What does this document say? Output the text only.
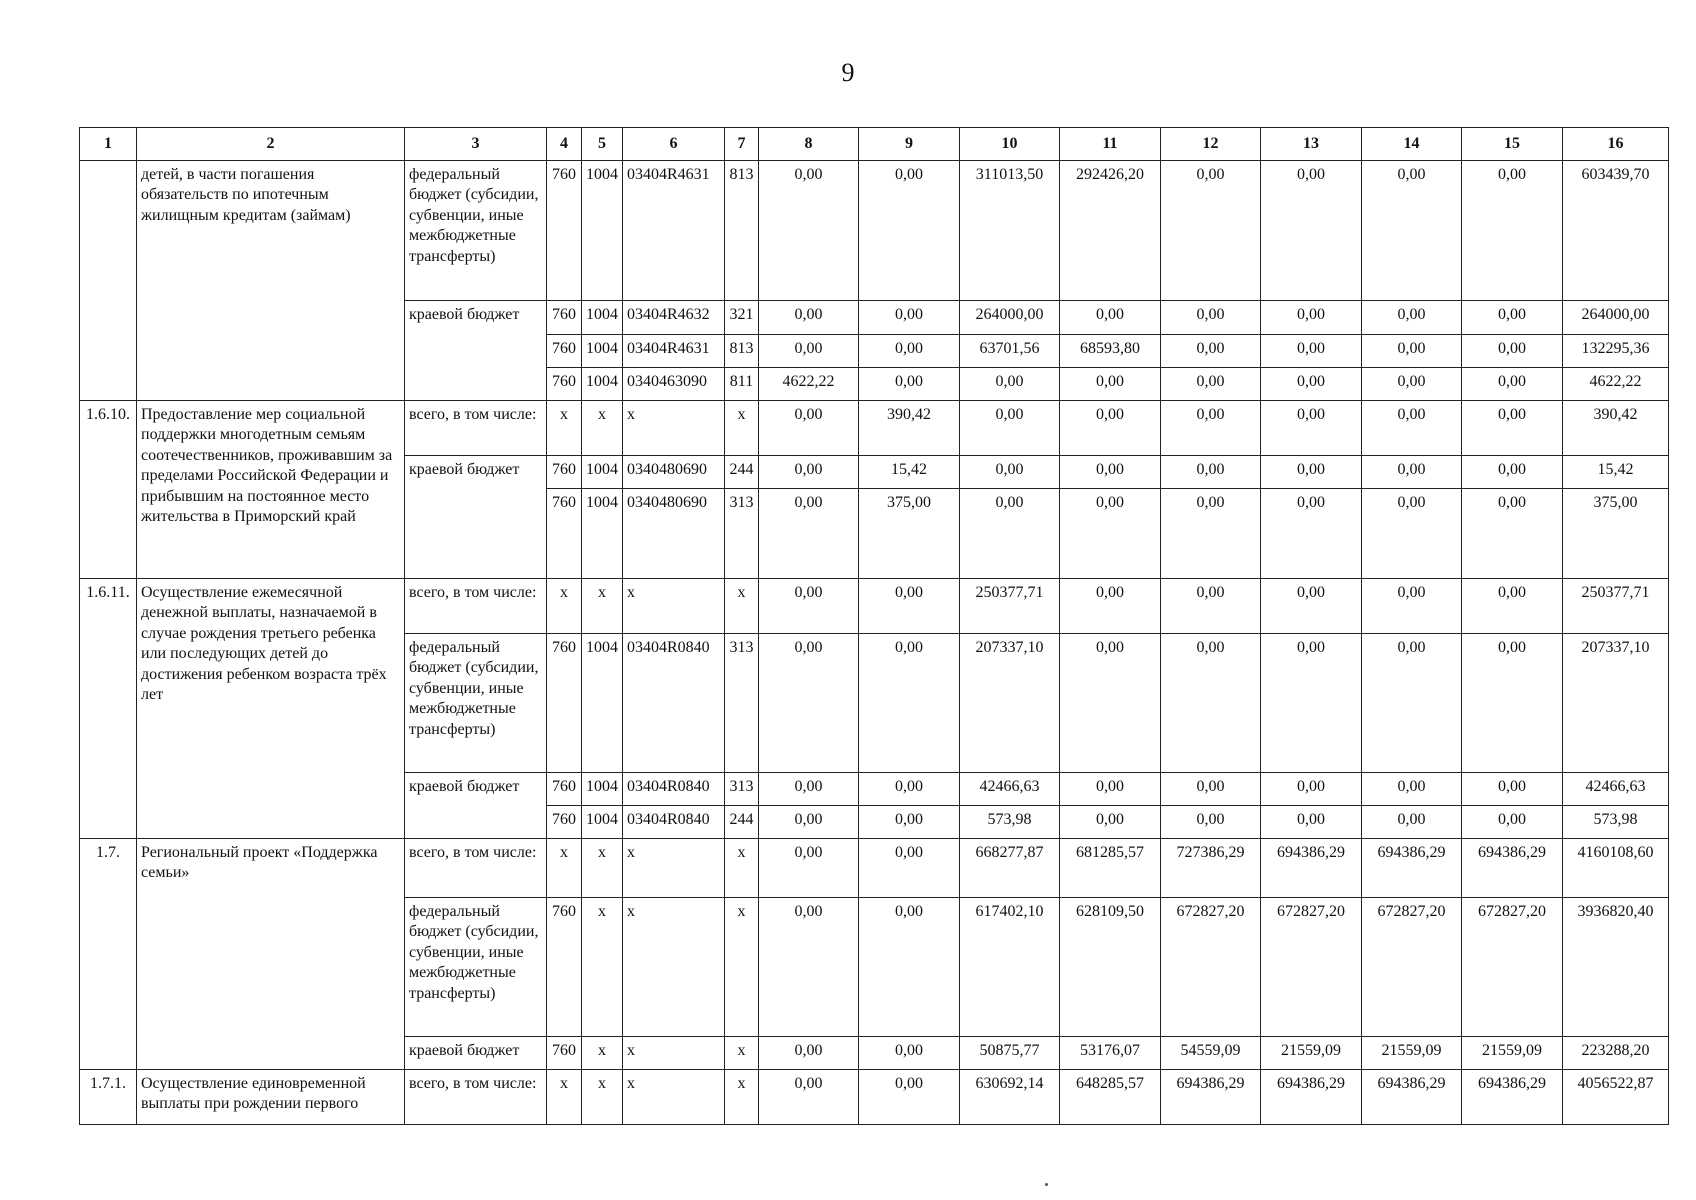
9
1	2	3	4	5	6	7	8	9	10	11	12	13	14	15	16
	детей, в части погашения обязательств по ипотечным жилищным кредитам (займам)	федеральный бюджет (субсидии, субвенции, иные межбюджетные трансферты)	760	1004	03404R4631	813	0,00	0,00	311013,50	292426,20	0,00	0,00	0,00	0,00	603439,70
		краевой бюджет	760	1004	03404R4632	321	0,00	0,00	264000,00	0,00	0,00	0,00	0,00	0,00	264000,00
			760	1004	03404R4631	813	0,00	0,00	63701,56	68593,80	0,00	0,00	0,00	0,00	132295,36
			760	1004	0340463090	811	4622,22	0,00	0,00	0,00	0,00	0,00	0,00	0,00	4622,22
1.6.10.	Предоставление мер социальной поддержки многодетным семьям соотечественников, проживавшим за пределами Российской Федерации и прибывшим на постоянное место жительства в Приморский край	всего, в том числе:	x	x	x	x	0,00	390,42	0,00	0,00	0,00	0,00	0,00	0,00	390,42
		краевой бюджет	760	1004	0340480690	244	0,00	15,42	0,00	0,00	0,00	0,00	0,00	0,00	15,42
			760	1004	0340480690	313	0,00	375,00	0,00	0,00	0,00	0,00	0,00	0,00	375,00
1.6.11.	Осуществление ежемесячной денежной выплаты, назначаемой в случае рождения третьего ребенка или последующих детей до достижения ребенком возраста трёх лет	всего, в том числе:	x	x	x	x	0,00	0,00	250377,71	0,00	0,00	0,00	0,00	0,00	250377,71
		федеральный бюджет (субсидии, субвенции, иные межбюджетные трансферты)	760	1004	03404R0840	313	0,00	0,00	207337,10	0,00	0,00	0,00	0,00	0,00	207337,10
		краевой бюджет	760	1004	03404R0840	313	0,00	0,00	42466,63	0,00	0,00	0,00	0,00	0,00	42466,63
			760	1004	03404R0840	244	0,00	0,00	573,98	0,00	0,00	0,00	0,00	0,00	573,98
1.7.	Региональный проект «Поддержка семьи»	всего, в том числе:	x	x	x	x	0,00	0,00	668277,87	681285,57	727386,29	694386,29	694386,29	694386,29	4160108,60
		федеральный бюджет (субсидии, субвенции, иные межбюджетные трансферты)	760	x	x	x	0,00	0,00	617402,10	628109,50	672827,20	672827,20	672827,20	672827,20	3936820,40
		краевой бюджет	760	x	x	x	0,00	0,00	50875,77	53176,07	54559,09	21559,09	21559,09	21559,09	223288,20
1.7.1.	Осуществление единовременной выплаты при рождении первого	всего, в том числе:	x	x	x	x	0,00	0,00	630692,14	648285,57	694386,29	694386,29	694386,29	694386,29	4056522,87
